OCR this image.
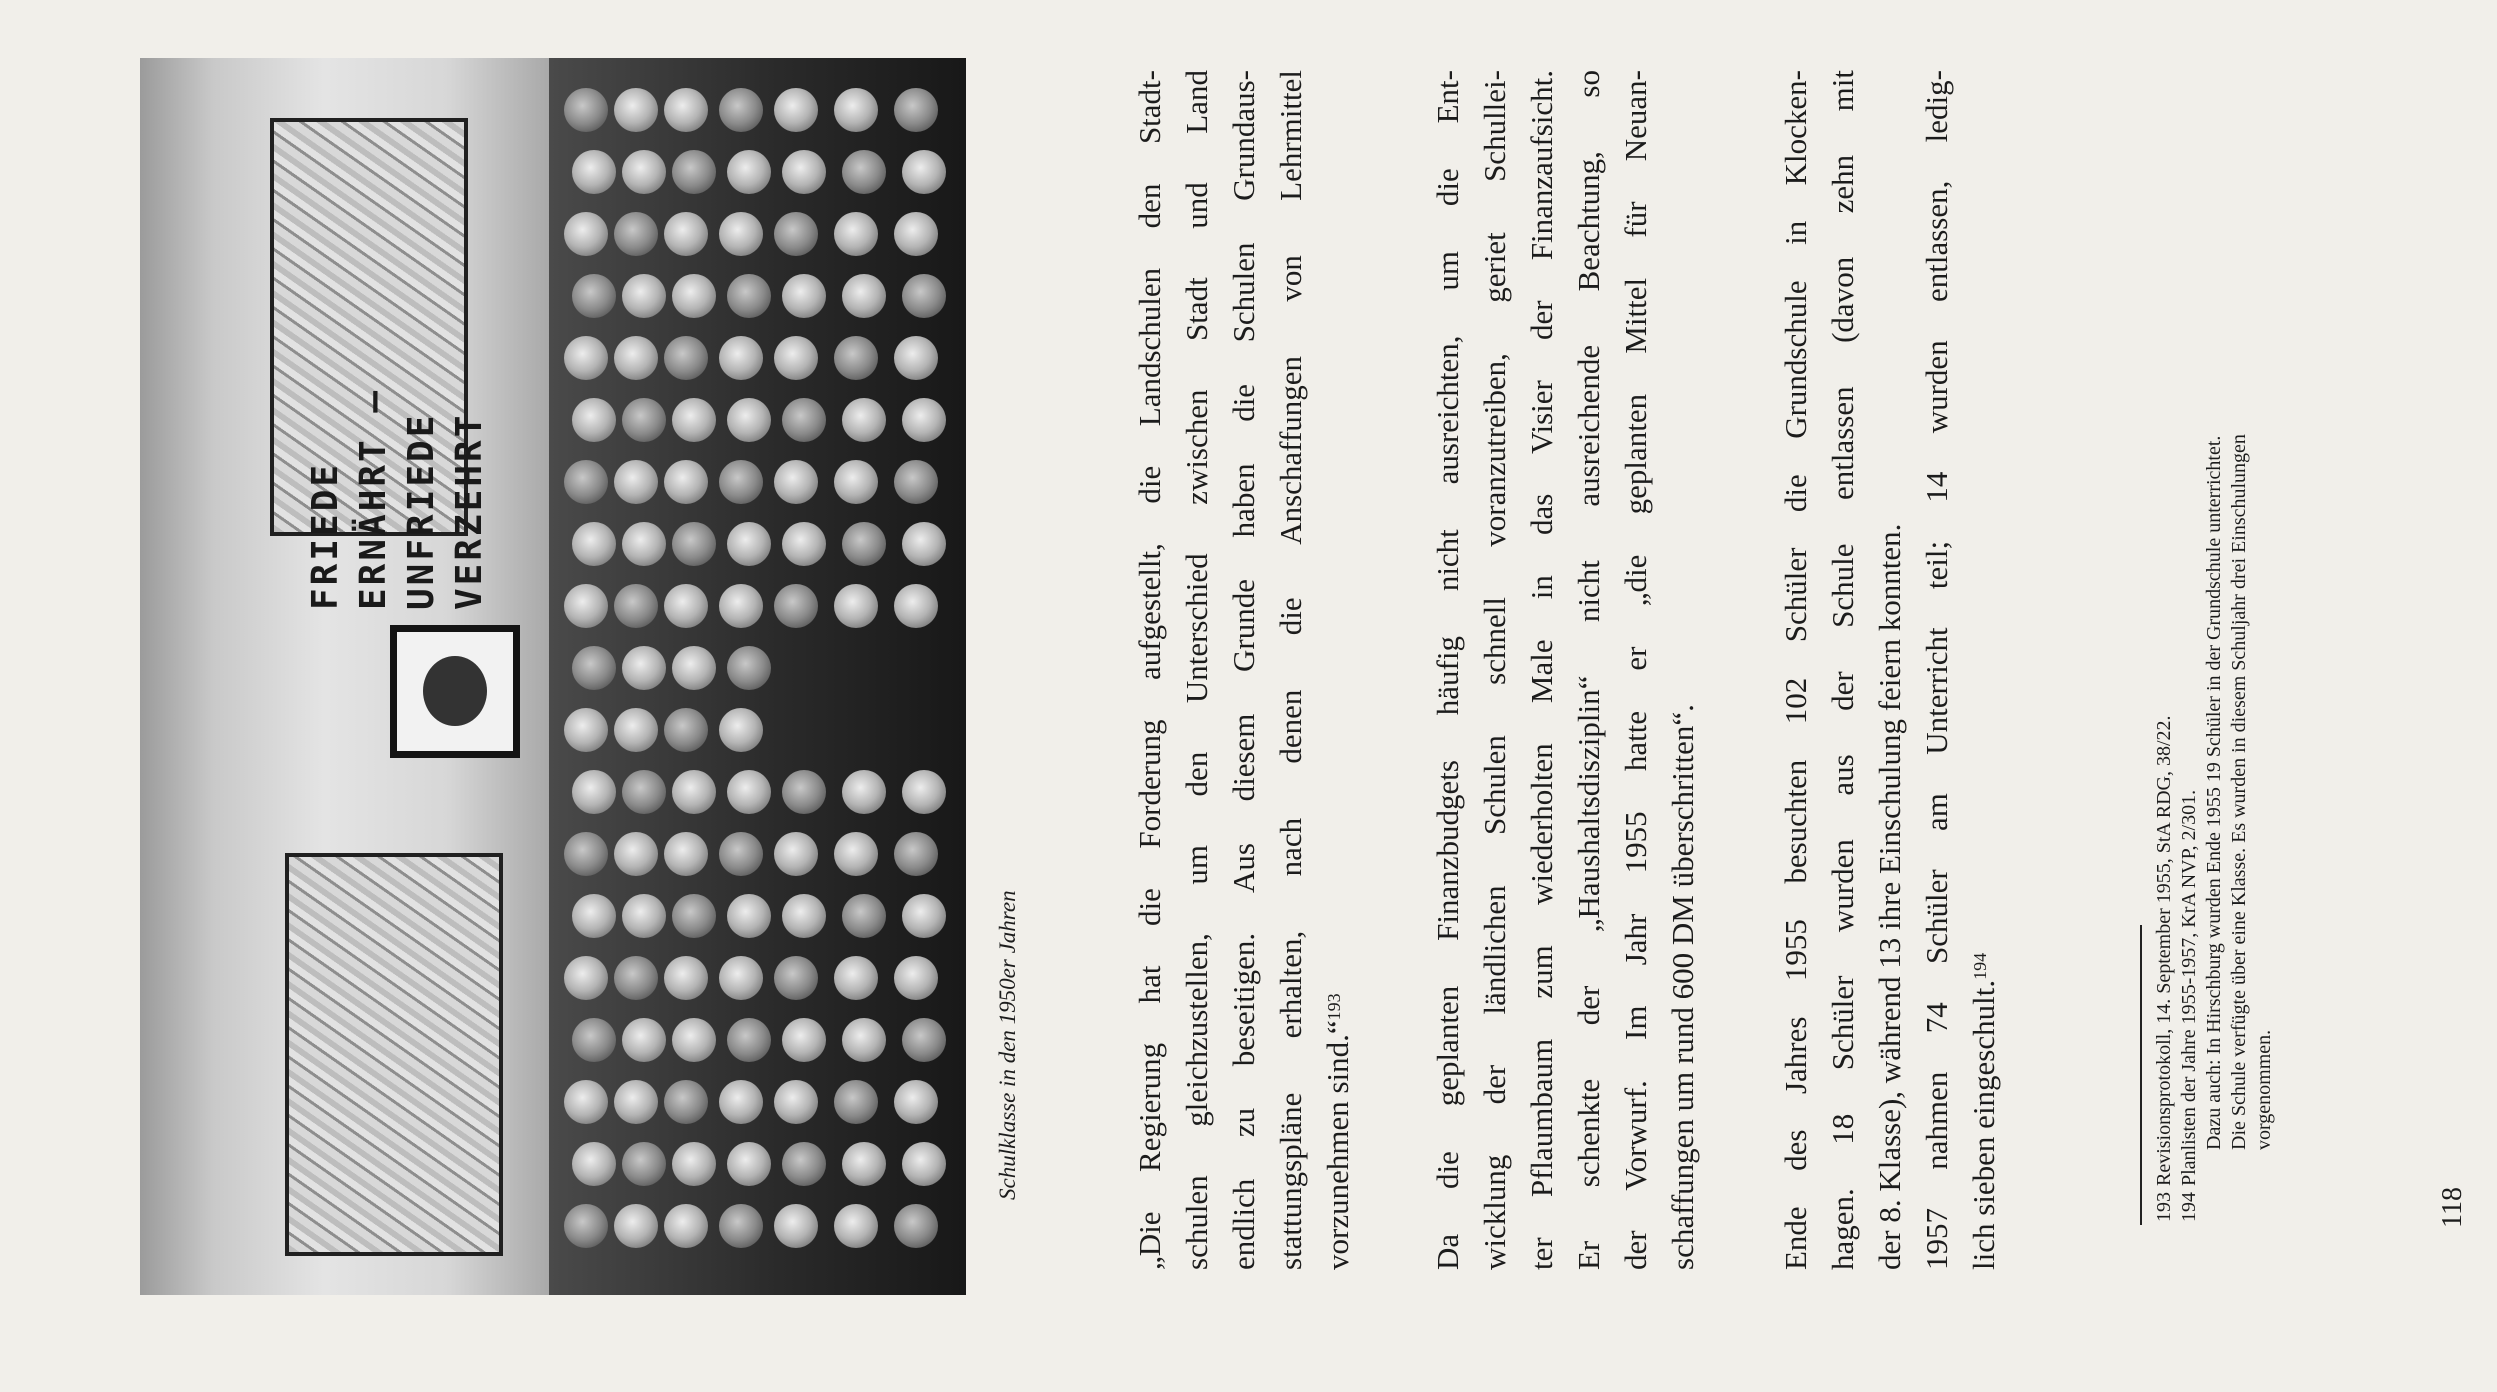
FRIEDE ERNÄHRT – UNFRIEDE VERZEHRT
Schulklasse in den 1950er Jahren	„Die Regierung hat die Forderung aufgestellt, die Landschulen den Stadt- schulen gleichzustellen, um den Unterschied zwischen Stadt und Land endlich zu beseitigen. Aus diesem Grunde haben die Schulen Grundaus- stattungspläne erhalten, nach denen die Anschaffungen von Lehrmittel vorzunehmen sind.“$^{193}$	Da die geplanten Finanzbudgets häufig nicht ausreichten, um die Ent- wicklung der ländlichen Schulen schnell voranzutreiben, geriet Schullei- ter Pflaumbaum zum wiederholten Male in das Visier der Finanzaufsicht. Er schenkte der „Haushaltsdisziplin“ nicht ausreichende Beachtung, so der Vorwurf. Im Jahr 1955 hatte er „die geplanten Mittel für Neuan- schaffungen um rund 600 DM überschritten“.	Ende des Jahres 1955 besuchten 102 Schüler die Grundschule in Klocken- hagen. 18 Schüler wurden aus der Schule entlassen (davon zehn mit der 8. Klasse), während 13 ihre Einschulung feiern konnten. 1957 nahmen 74 Schüler am Unterricht teil; 14 wurden entlassen, ledig- lich sieben eingeschult.$^{194}$
193Revisionsprotokoll, 14. September 1955, StA RDG, 38/22.
194Planlisten der Jahre 1955-1957, KrA NVP, 2/301. Dazu auch: In Hirschburg wurden Ende 1955 19 Schüler in der Grundschule unterrichtet. Die Schule verfügte über eine Klasse. Es wurden in diesem Schuljahr drei Einschulungen vorgenommen.
118
